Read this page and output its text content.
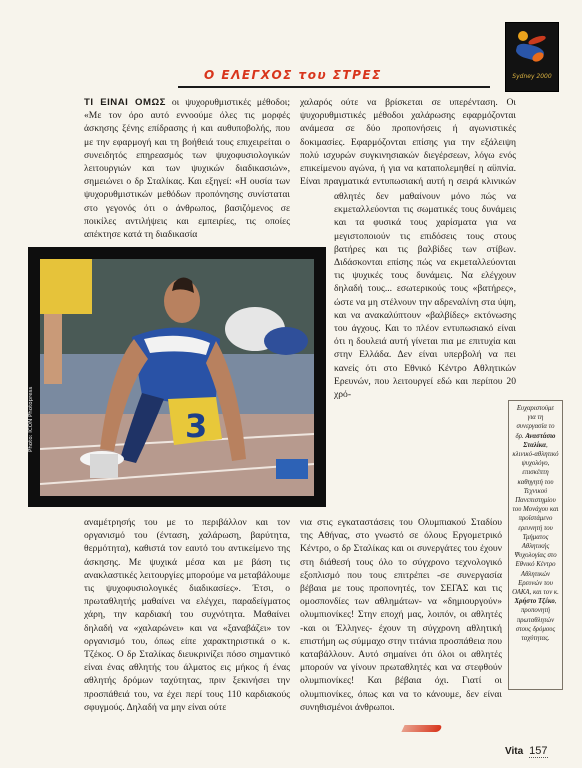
Sydney 2000
Ο ΕΛΕΓΧΟΣ του ΣΤΡΕΣ

ΤΙ ΕΙΝΑΙ ΟΜΩΣ οι ψυχορυθμιστικές μέθοδοι; «Με τον όρο αυτό εννοούμε όλες τις μορφές άσκησης ξένης επίδρασης ή και αυθυποβολής, που με την εφαρμογή και τη βοήθειά τους επιχειρείται ο συνειδητός επηρεασμός των ψυχοφυσιολογικών λειτουργιών και των ψυχικών διαδικασιών», σημειώνει ο δρ Σταλίκας. Και εξηγεί: «Η ουσία των ψυχορυθμιστικών μεθόδων προπόνησης συνίσταται στο γεγονός ότι ο άνθρωπος, βασιζόμενος σε ποικίλες αντιλήψεις και εμπειρίες, τις οποίες απέκτησε κατά τη διαδικασία

χαλαρός ούτε να βρίσκεται σε υπερένταση. Οι ψυχορυθμιστικές μέθοδοι χαλάρωσης εφαρμόζονται ανάμεσα σε δύο προπονήσεις ή αγωνιστικές δοκιμασίες. Εφαρμόζονται επίσης για την εξάλειψη πολύ ισχυρών συγκινησιακών διεγέρσεων, λόγω ενός επικείμενου αγώνα, ή για να καταπολεμηθεί η αϋπνία. Είναι πραγματικά εντυπωσιακή αυτή η σειρά κλινικών

3
Photo: ICON Photopress

αθλητές δεν μαθαίνουν μόνο πώς να εκμεταλλεύονται τις σωματικές τους δυνάμεις και τα φυσικά τους χαρίσματα για να μεγιστοποιούν τις επιδόσεις τους στους βατήρες και τις βαλβίδες των στίβων. Διδάσκονται επίσης πώς να εκμεταλλεύονται τις ψυχικές τους δυνάμεις. Να ελέγχουν δηλαδή τους... εσωτερικούς τους «βατήρες», ώστε να μη στέλνουν την αδρεναλίνη στα ύψη, και να ανακαλύπτουν «βαλβίδες» εκτόνωσης του άγχους. Και το πλέον εντυπωσιακό είναι ότι η δουλειά αυτή γίνεται πια με επιτυχία και στην Ελλάδα. Δεν είναι υπερβολή να πει κανείς ότι στο Εθνικό Κέντρο Αθλητικών Ερευνών, που λειτουργεί εδώ και περίπου 20 χρό-

αναμέτρησής του με το περιβάλλον και τον οργανισμό του (ένταση, χαλάρωση, βαρύτητα, θερμότητα), καθιστά τον εαυτό του αντικείμενο της άσκησης. Με ψυχικά μέσα και με βάση τις ανακλαστικές λειτουργίες μπορούμε να μεταβάλουμε τις ψυχοφυσιολογικές διαδικασίες». Έτσι, ο πρωταθλητής μαθαίνει να ελέγχει, παραδείγματος χάρη, την καρδιακή του συχνότητα. Μαθαίνει δηλαδή να «χαλαρώνει» και να «ξαναβάζει» τον οργανισμό του, όπως είπε χαρακτηριστικά ο κ. Τζέκος. Ο δρ Σταλίκας διευκρινίζει πόσο σημαντικό είναι ένας αθλητής του άλματος εις μήκος ή ένας αθλητής δρόμων ταχύτητας, πριν ξεκινήσει την προσπάθειά του, να έχει περί τους 110 καρδιακούς σφυγμούς. Δηλαδή να μην είναι ούτε

νια στις εγκαταστάσεις του Ολυμπιακού Σταδίου της Αθήνας, στο γνωστό σε όλους Εργομετρικό Κέντρο, ο δρ Σταλίκας και οι συνεργάτες του έχουν στη διάθεσή τους όλο το σύγχρονο τεχνολογικό εξοπλισμό που τους επιτρέπει -σε συνεργασία βέβαια με τους προπονητές, τον ΣΕΓΑΣ και τις ομοσπονδίες των αθλημάτων- να «δημιουργούν» ολυμπιονίκες! Στην εποχή μας, λοιπόν, οι αθλητές -και οι Έλληνες- έχουν τη σύγχρονη αθλητική επιστήμη ως σύμμαχο στην τιτάνια προσπάθεια που καταβάλλουν. Αυτό σημαίνει ότι όλοι οι αθλητές μπορούν να γίνουν πρωταθλητές και να στεφθούν ολυμπιονίκες! Και βέβαια όχι. Γιατί οι ολυμπιονίκες, όπως και να το κάνουμε, δεν είναι συνηθισμένοι άνθρωποι.

Ευχαριστούμε για τη συνεργασία το δρ. Αναστάσιο Σταλίκα, κλινικό-αθλητικό ψυχολόγο, επισκέπτη καθηγητή του Τεχνικού Πανεπιστημίου του Μονάχου και προϊστάμενο ερευνητή του Τμήματος Αθλητικής Ψυχολογίας στο Εθνικό Κέντρο Αθλητικών Ερευνών του ΟΑΚΑ, και τον κ. Χρήστο Τζέκο, προπονητή πρωταθλητών στους δρόμους ταχύτητας.
Vita 157
